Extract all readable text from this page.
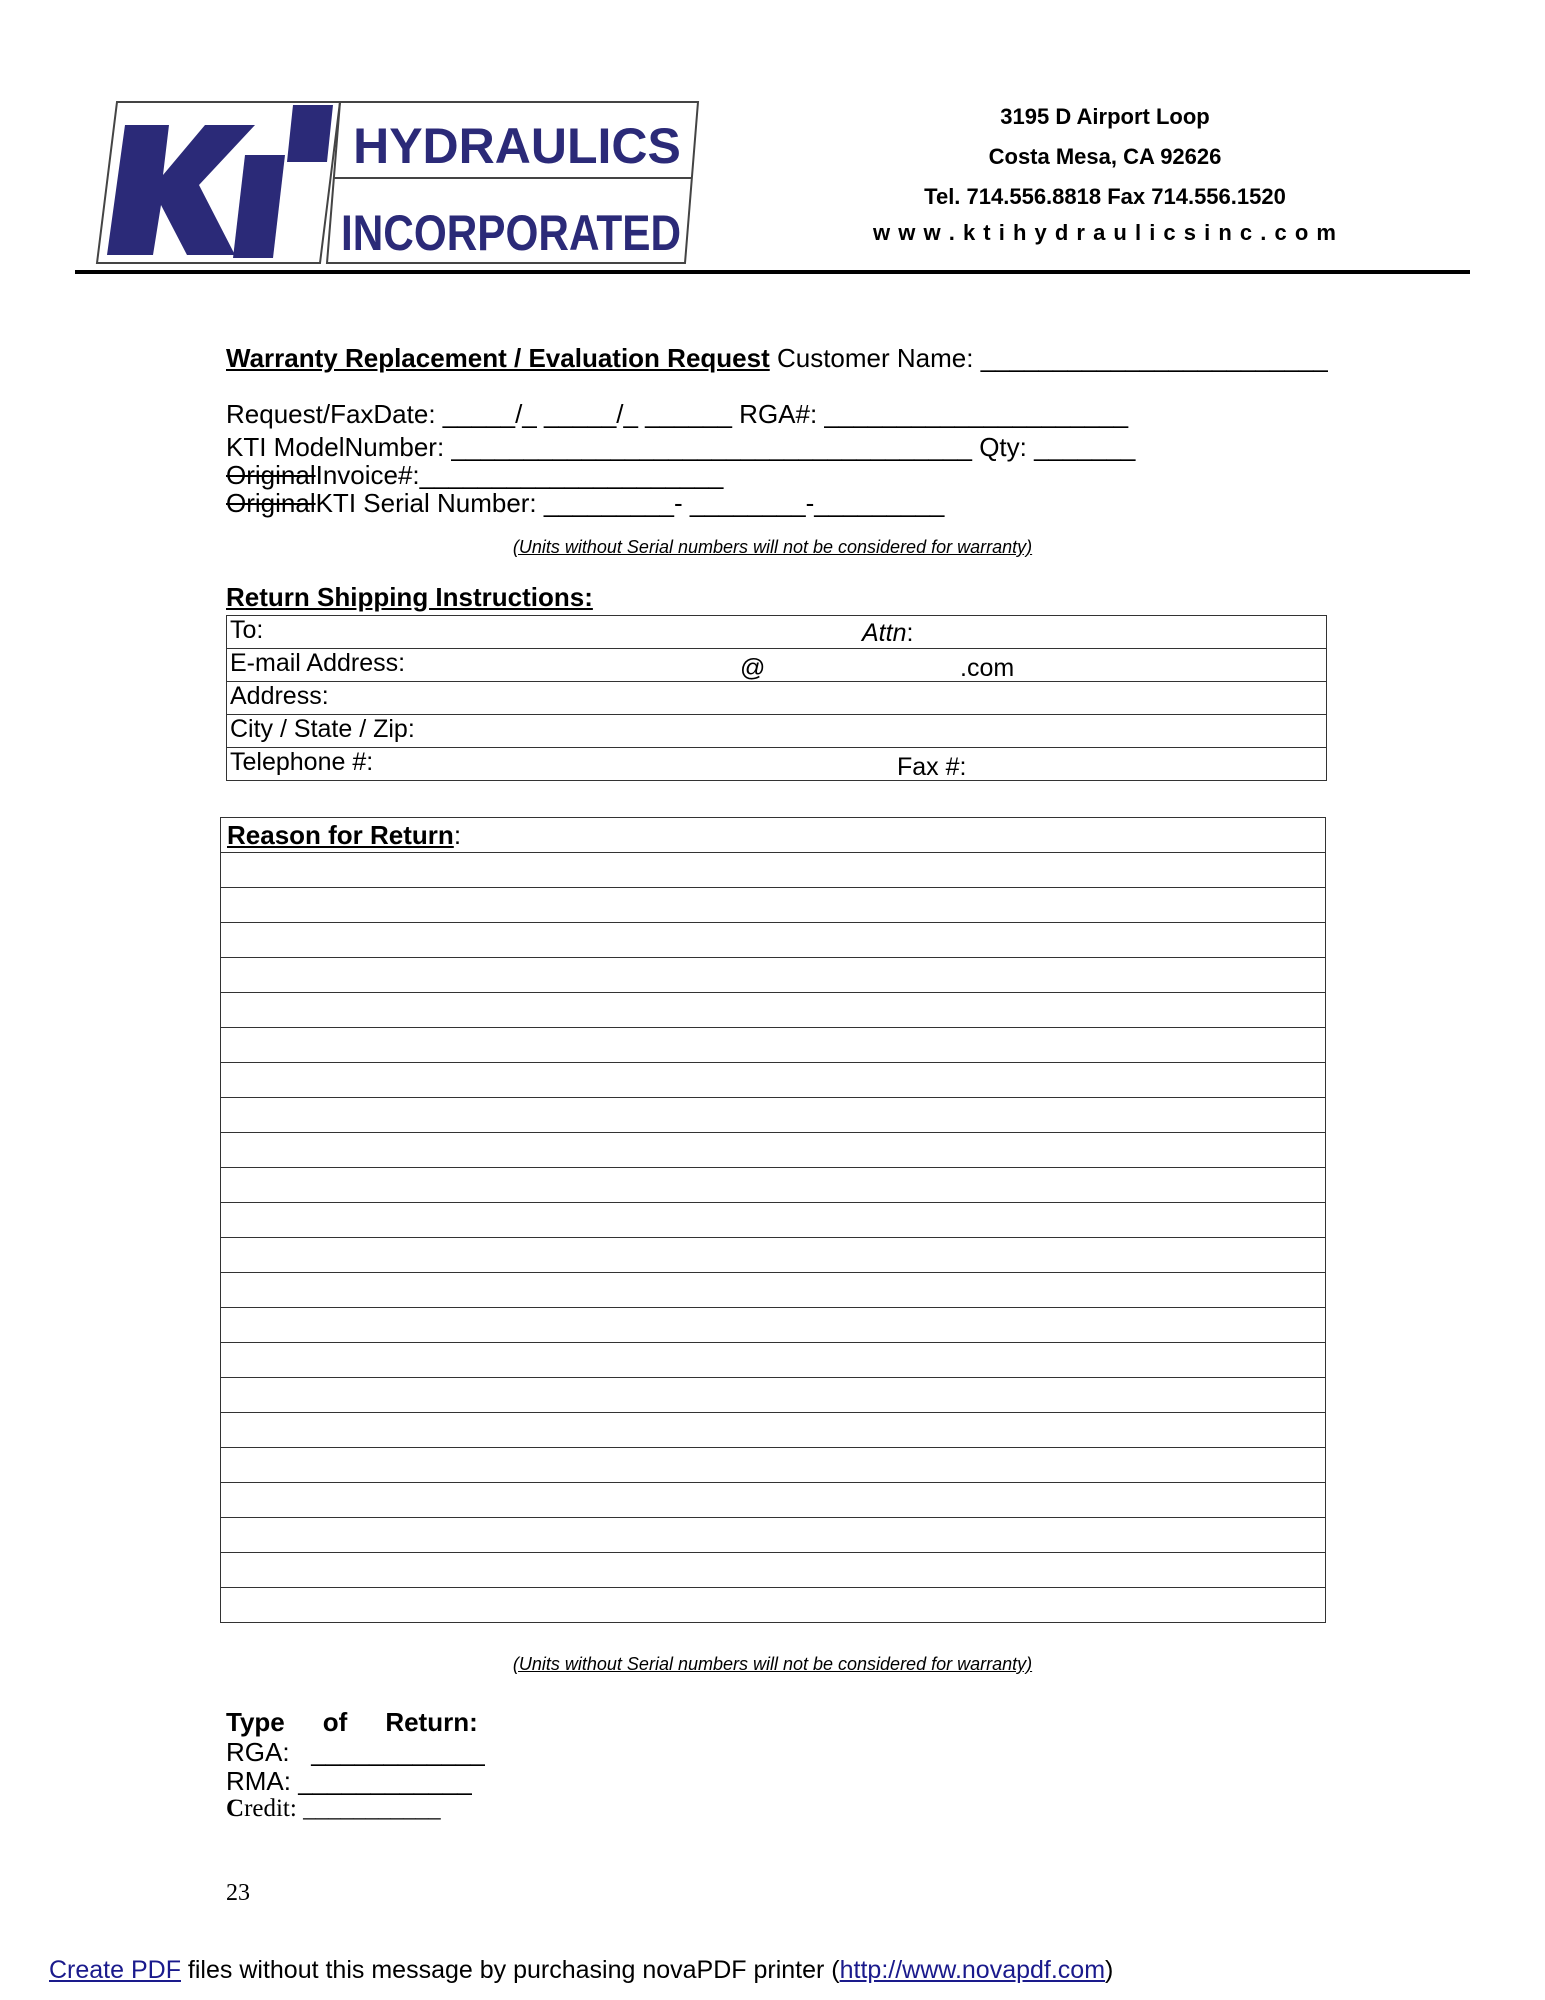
HYDRAULICS
INCORPORATED
3195 D Airport Loop
Costa Mesa, CA 92626
Tel. 714.556.8818 Fax 714.556.1520
w w w . k t i h y d r a u l i c s i n c . c o m
Warranty Replacement / Evaluation Request Customer Name: ________________________
Request/FaxDate: _____/_ _____/_ ______ RGA#: _____________________
KTI ModelNumber: ____________________________________ Qty: _______
OriginalInvoice#:_____________________
OriginalKTI Serial Number: _________- ________-_________
(Units without Serial numbers will not be considered for warranty)
Return Shipping Instructions:
To:	Attn:

E-mail Address:	@	.com

Address:
City / State / Zip:
Telephone #:	Fax #:
Reason for Return:
(Units without Serial numbers will not be considered for warranty)
Type of Return:
RGA:   ____________
RMA: ____________
Credit: ___________
23
Create PDF files without this message by purchasing novaPDF printer (http://www.novapdf.com)
